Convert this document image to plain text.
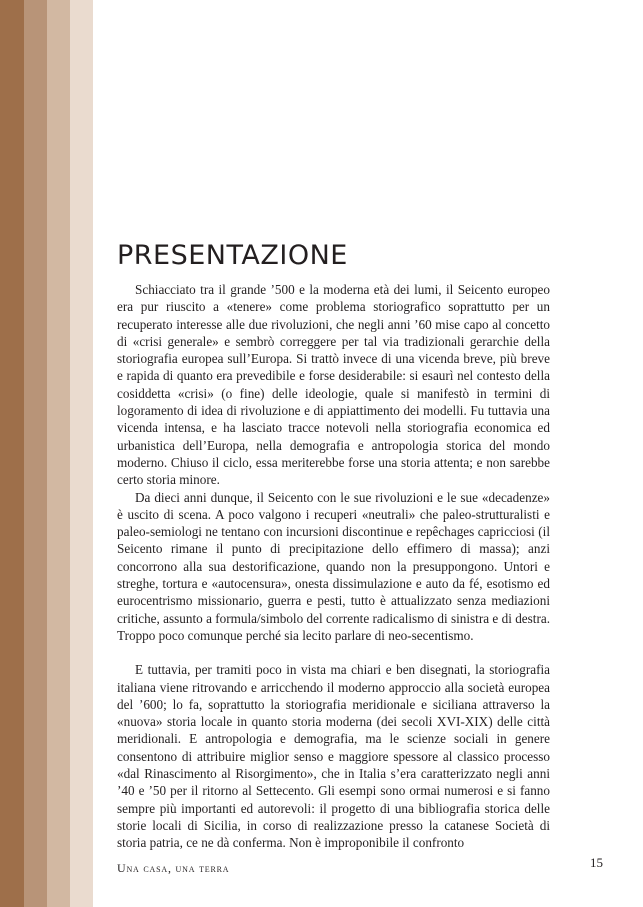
PRESENTAZIONE

Schiacciato tra il grande ’500 e la moderna età dei lumi, il Seicento europeo era pur riuscito a «tenere» come problema storiografico soprattutto per un recuperato interesse alle due rivoluzioni, che negli anni ’60 mise capo al concetto di «crisi generale» e sembrò correggere per tal via tradizionali gerarchie della storiografia europea sull’Europa. Si trattò invece di una vicenda breve, più breve e rapida di quanto era prevedibile e forse desiderabile: si esaurì nel contesto della cosiddetta «crisi» (o fine) delle ideologie, quale si manifestò in termini di logoramento di idea di rivoluzione e di appiattimento dei modelli. Fu tuttavia una vicenda intensa, e ha lasciato tracce notevoli nella storiografia economica ed urbanistica dell’Europa, nella demografia e antropologia storica del mondo moderno. Chiuso il ciclo, essa meriterebbe forse una storia attenta; e non sarebbe certo storia minore.

Da dieci anni dunque, il Seicento con le sue rivoluzioni e le sue «decadenze» è uscito di scena. A poco valgono i recuperi «neutrali» che paleo-strutturalisti e paleo-semiologi ne tentano con incursioni discontinue e repêchages capricciosi (il Seicento rimane il punto di precipitazione dello effimero di massa); anzi concorrono alla sua destorificazione, quando non la presuppongono. Untori e streghe, tortura e «autocensura», onesta dissimulazione e auto da fé, esotismo ed eurocentrismo missionario, guerra e pesti, tutto è attualizzato senza mediazioni critiche, assunto a formula/simbolo del corrente radicalismo di sinistra e di destra. Troppo poco comunque perché sia lecito parlare di neo-secentismo.

E tuttavia, per tramiti poco in vista ma chiari e ben disegnati, la storiografia italiana viene ritrovando e arricchendo il moderno approccio alla società europea del ’600; lo fa, soprattutto la storiografia meridionale e siciliana attraverso la «nuova» storia locale in quanto storia moderna (dei secoli XVI-XIX) delle città meridionali. E antropologia e demografia, ma le scienze sociali in genere consentono di attribuire miglior senso e maggiore spessore al classico processo «dal Rinascimento al Risorgimento», che in Italia s’era caratterizzato negli anni ’40 e ’50 per il ritorno al Settecento. Gli esempi sono ormai numerosi e si fanno sempre più importanti ed autorevoli: il progetto di una bibliografia storica delle storie locali di Sicilia, in corso di realizzazione presso la catanese Società di storia patria, ce ne dà conferma. Non è improponibile il confronto

Una casa, una terra	15
